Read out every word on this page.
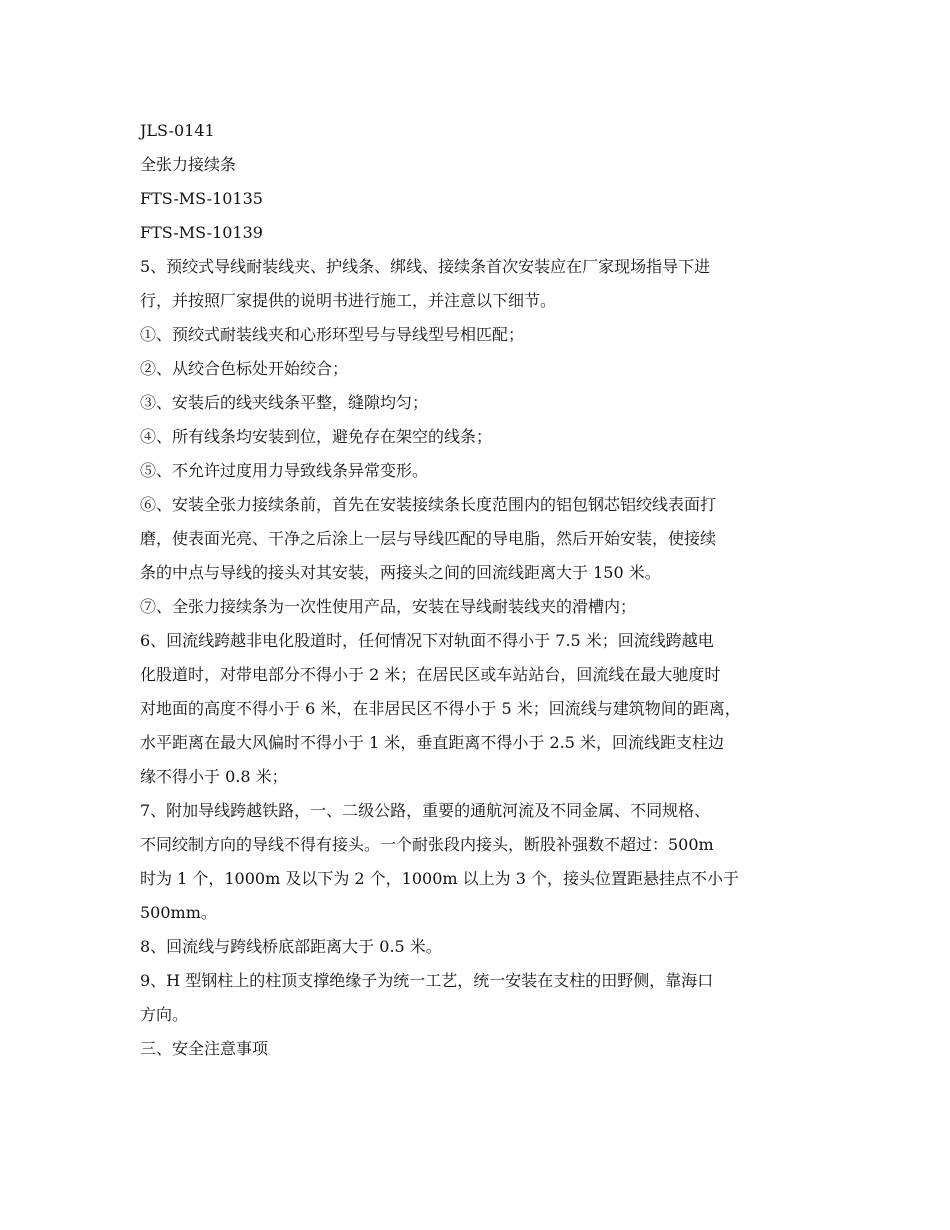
JLS-0141

全张力接续条

FTS-MS-10135

FTS-MS-10139

5、预绞式导线耐装线夹、护线条、绑线、接续条首次安装应在厂家现场指导下进

行，并按照厂家提供的说明书进行施工，并注意以下细节。

①、预绞式耐装线夹和心形环型号与导线型号相匹配；

②、从绞合色标处开始绞合；

③、安装后的线夹线条平整，缝隙均匀；

④、所有线条均安装到位，避免存在架空的线条；

⑤、不允许过度用力导致线条异常变形。

⑥、安装全张力接续条前，首先在安装接续条长度范围内的铝包钢芯铝绞线表面打

磨，使表面光亮、干净之后涂上一层与导线匹配的导电脂，然后开始安装，使接续

条的中点与导线的接头对其安装，两接头之间的回流线距离大于 150 米。

⑦、全张力接续条为一次性使用产品，安装在导线耐装线夹的滑槽内；

6、回流线跨越非电化股道时，任何情况下对轨面不得小于 7.5 米；回流线跨越电

化股道时，对带电部分不得小于 2 米；在居民区或车站站台，回流线在最大驰度时

对地面的高度不得小于 6 米，在非居民区不得小于 5 米；回流线与建筑物间的距离，

水平距离在最大风偏时不得小于 1 米，垂直距离不得小于 2.5 米，回流线距支柱边

缘不得小于 0.8 米；

7、附加导线跨越铁路，一、二级公路，重要的通航河流及不同金属、不同规格、

不同绞制方向的导线不得有接头。一个耐张段内接头，断股补强数不超过：500m

时为 1 个，1000m 及以下为 2 个，1000m 以上为 3 个，接头位置距悬挂点不小于

500mm。

8、回流线与跨线桥底部距离大于 0.5 米。

9、H 型钢柱上的柱顶支撑绝缘子为统一工艺，统一安装在支柱的田野侧，靠海口

方向。

三、安全注意事项
